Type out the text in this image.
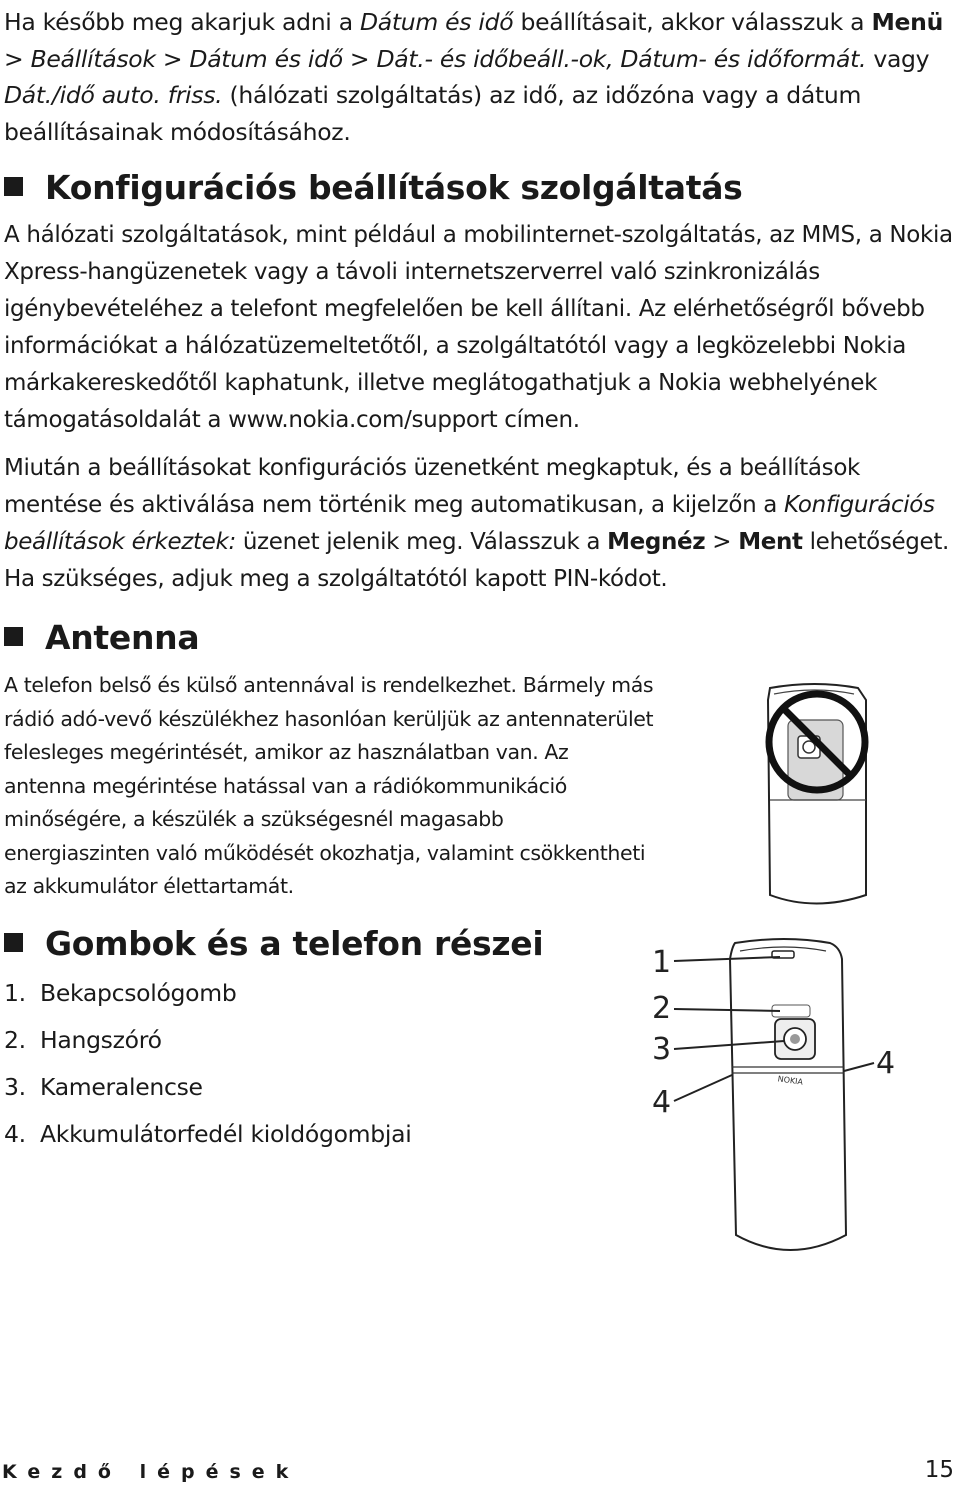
Ha később meg akarjuk adni a Dátum és idő beállításait, akkor válasszuk a Menü > Beállítások > Dátum és idő > Dát.- és időbeáll.-ok, Dátum- és időformát. vagy Dát./idő auto. friss. (hálózati szolgáltatás) az idő, az időzóna vagy a dátum beállításainak módosításához.
Konfigurációs beállítások szolgáltatás
A hálózati szolgáltatások, mint például a mobilinternet-szolgáltatás, az MMS, a Nokia Xpress-hangüzenetek vagy a távoli internetszerverrel való szinkronizálás igénybevételéhez a telefont megfelelően be kell állítani. Az elérhetőségről bővebb információkat a hálózatüzemeltetőtől, a szolgáltatótól vagy a legközelebbi Nokia márkakereskedőtől kaphatunk, illetve meglátogathatjuk a Nokia webhelyének támogatásoldalát a www.nokia.com/support címen.
Miután a beállításokat konfigurációs üzenetként megkaptuk, és a beállítások mentése és aktiválása nem történik meg automatikusan, a kijelzőn a Konfigurációs beállítások érkeztek: üzenet jelenik meg. Válasszuk a Megnéz > Ment lehetőséget. Ha szükséges, adjuk meg a szolgáltatótól kapott PIN-kódot.
Antenna
A telefon belső és külső antennával is rendelkezhet. Bármely más rádió adó-vevő készülékhez hasonlóan kerüljük az antennaterület felesleges megérintését, amikor az használatban van. Az antenna megérintése hatással van a rádiókommunikáció minőségére, a készülék a szükségesnél magasabb energiaszinten való működését okozhatja, valamint csökkentheti az akkumulátor élettartamát.
Gombok és a telefon részei
1. Bekapcsológomb
2. Hangszóró
3. Kameralencse
4. Akkumulátorfedél kioldógombjai
NOKIA
1
2
3
4
4
Kezdő lépések	15
